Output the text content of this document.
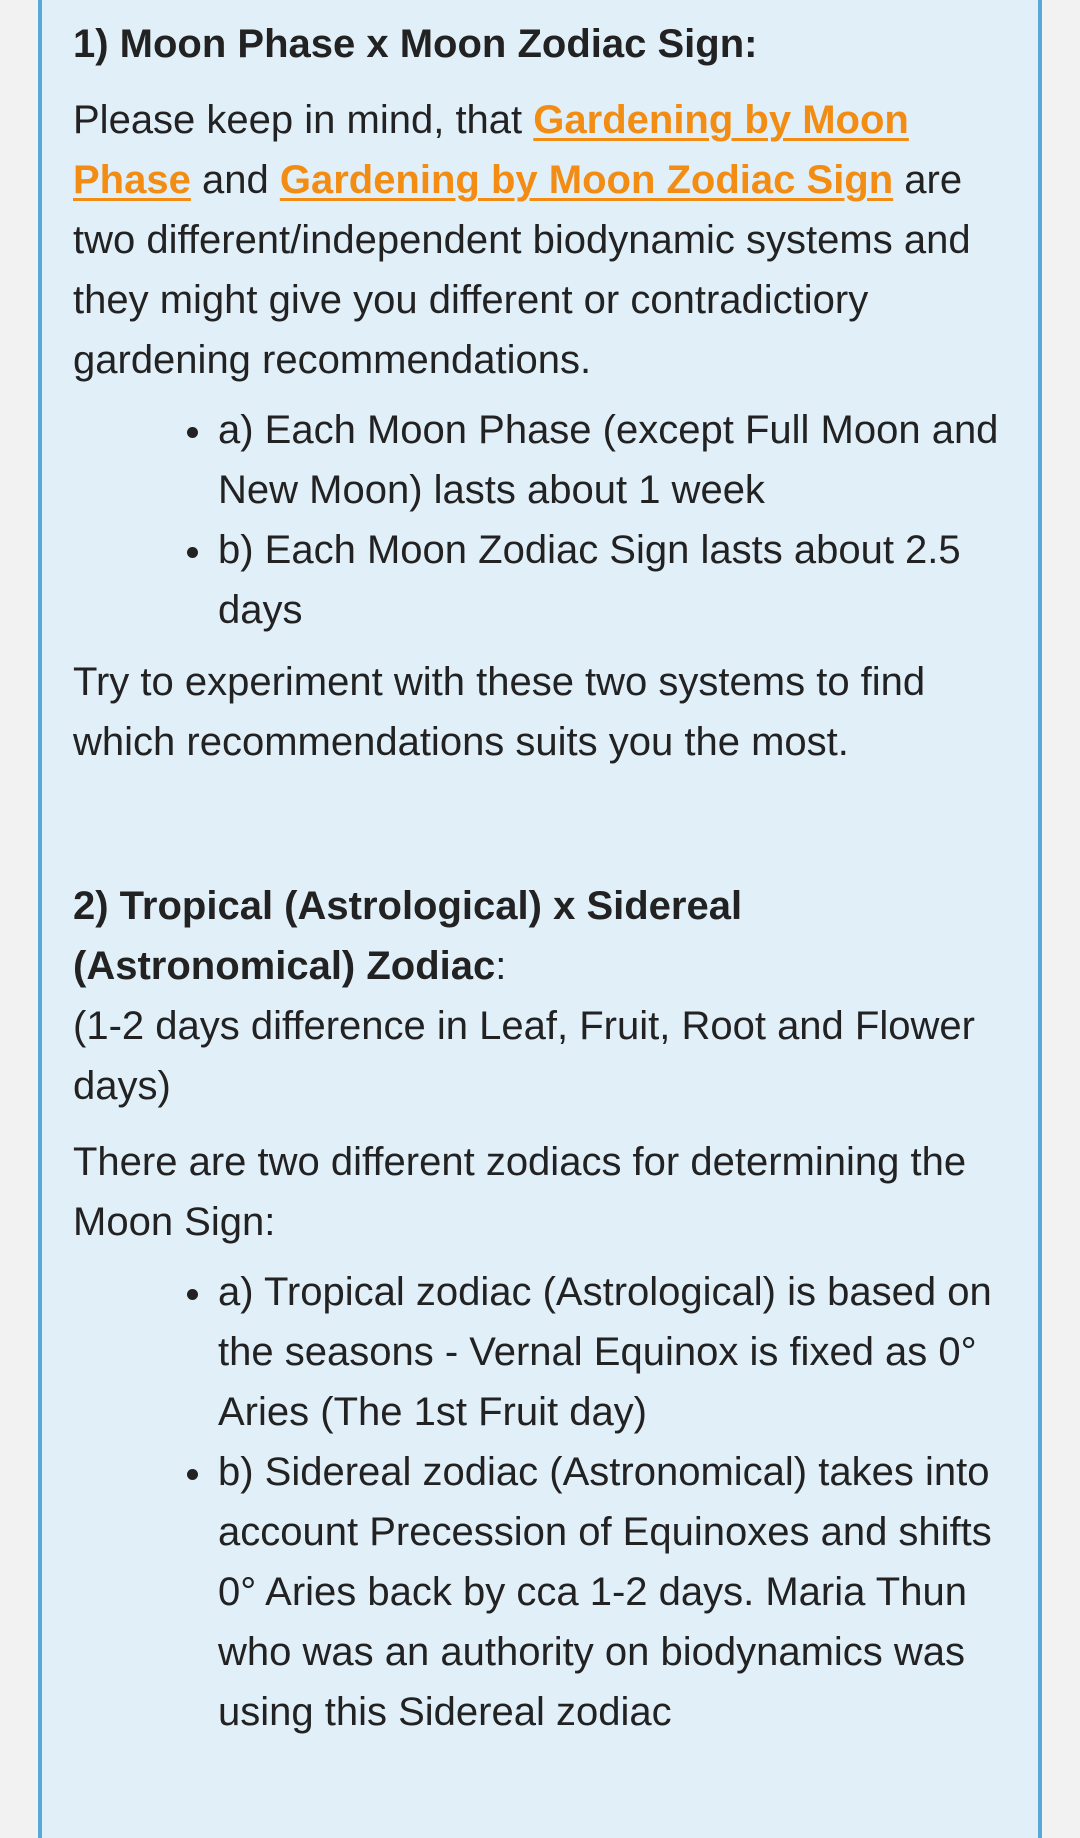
1) Moon Phase x Moon Zodiac Sign:

Please keep in mind, that Gardening by Moon Phase and Gardening by Moon Zodiac Sign are two different/independent biodynamic systems and they might give you different or contradictiory gardening recommendations.

a) Each Moon Phase (except Full Moon and New Moon) lasts about 1 week
b) Each Moon Zodiac Sign lasts about 2.5 days

Try to experiment with these two systems to find which recommendations suits you the most.

2) Tropical (Astrological) x Sidereal (Astronomical) Zodiac:

(1-2 days difference in Leaf, Fruit, Root and Flower days)

There are two different zodiacs for determining the Moon Sign:

a) Tropical zodiac (Astrological) is based on the seasons - Vernal Equinox is fixed as 0° Aries (The 1st Fruit day)
b) Sidereal zodiac (Astronomical) takes into account Precession of Equinoxes and shifts 0° Aries back by cca 1-2 days. Maria Thun who was an authority on biodynamics was using this Sidereal zodiac
